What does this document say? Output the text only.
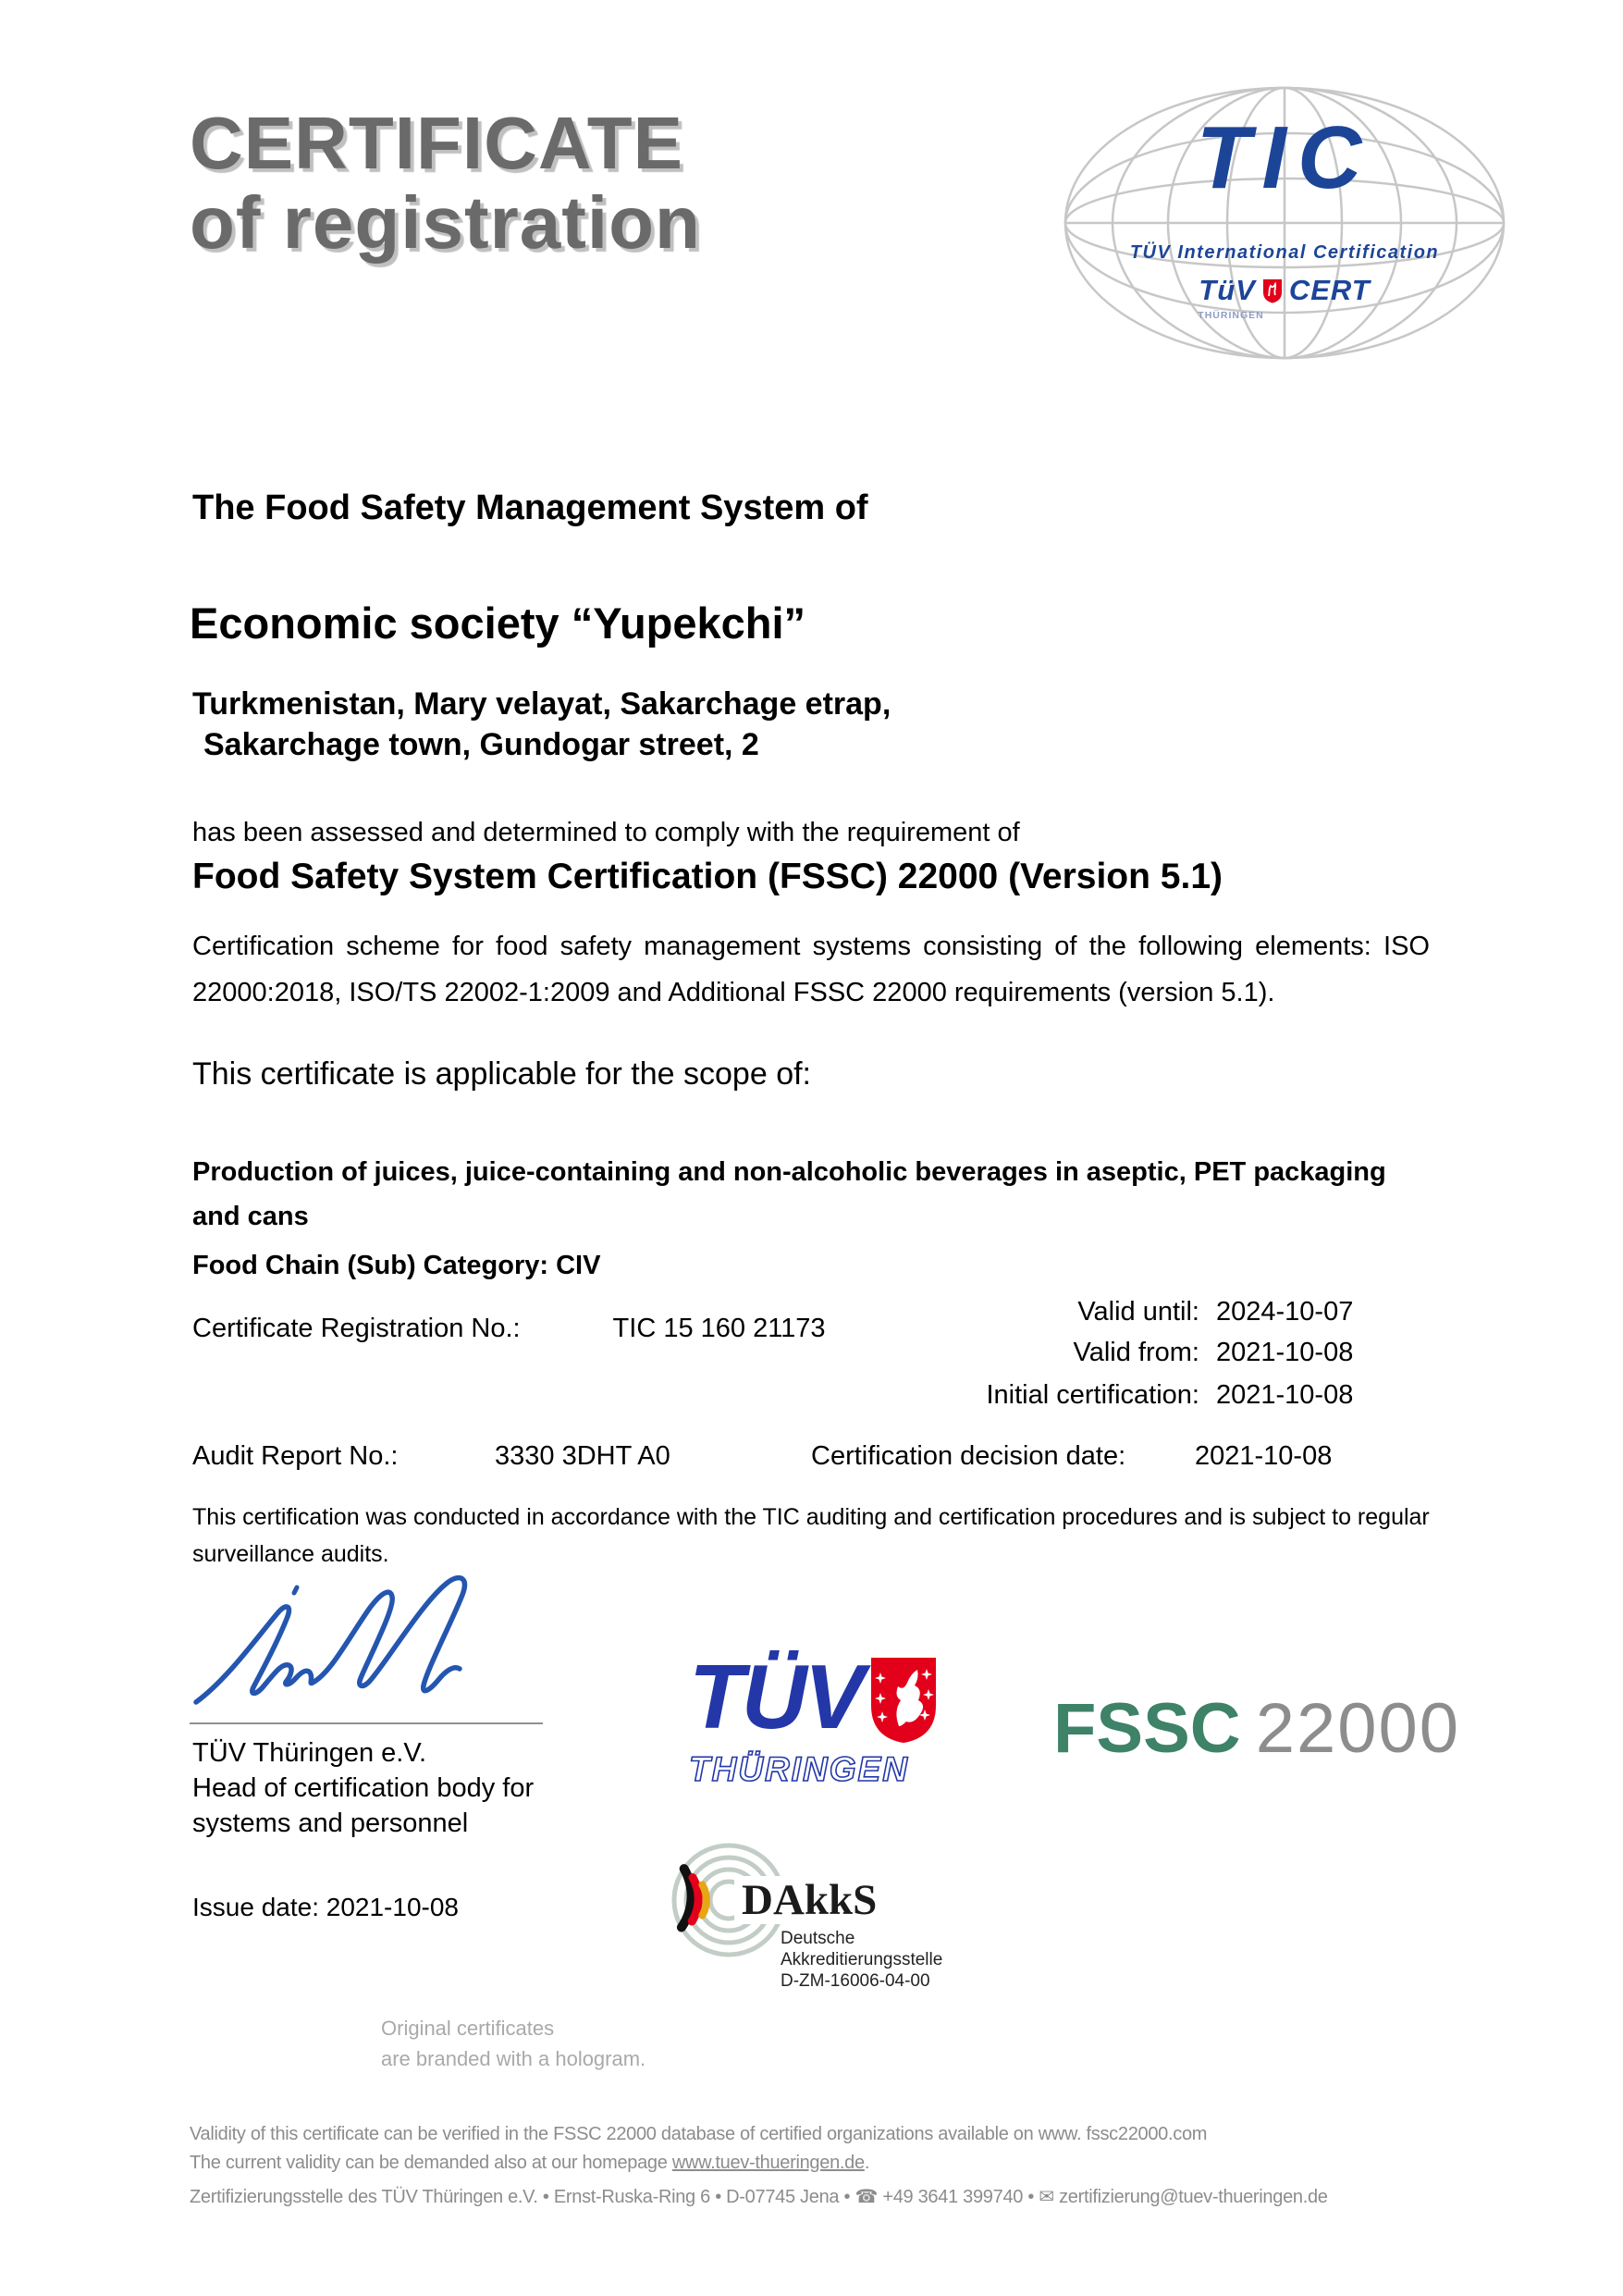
CERTIFICATE
of registration
TIC
TÜV International Certification
TüV CERT
THÜRINGEN
The Food Safety Management System of
Economic society “Yupekchi”
Turkmenistan, Mary velayat, Sakarchage etrap,
Sakarchage town, Gundogar street, 2
has been assessed and determined to comply with the requirement of
Food Safety System Certification (FSSC) 22000 (Version 5.1)
Certification scheme for food safety management systems consisting of the following elements: ISO 22000:2018, ISO/TS 22002-1:2009 and Additional FSSC 22000 requirements (version 5.1).
This certificate is applicable for the scope of:
Production of juices, juice-containing and non-alcoholic beverages in aseptic, PET packaging and cans
Food Chain (Sub) Category: CIV
Certificate Registration No.:	TIC 15 160 21173
Valid until: 2024-10-07
Valid from: 2021-10-08
Initial certification: 2021-10-08
Audit Report No.:	3330 3DHT A0	Certification decision date:	2021-10-08
This certification was conducted in accordance with the TIC auditing and certification procedures and is subject to regular surveillance audits.
TÜV Thüringen e.V.
Head of certification body for
systems and personnel
TÜV
THÜRINGEN
FSSC 22000
Issue date: 2021-10-08	DAkkS
Deutsche
Akkreditierungsstelle
D-ZM-16006-04-00
Original certificates
are branded with a hologram.
Validity of this certificate can be verified in the FSSC 22000 database of certified organizations available on www. fssc22000.com
The current validity can be demanded also at our homepage www.tuev-thueringen.de.
Zertifizierungsstelle des TÜV Thüringen e.V. • Ernst-Ruska-Ring 6 • D-07745 Jena • ☎ +49 3641 399740 • ✉ zertifizierung@tuev-thueringen.de
